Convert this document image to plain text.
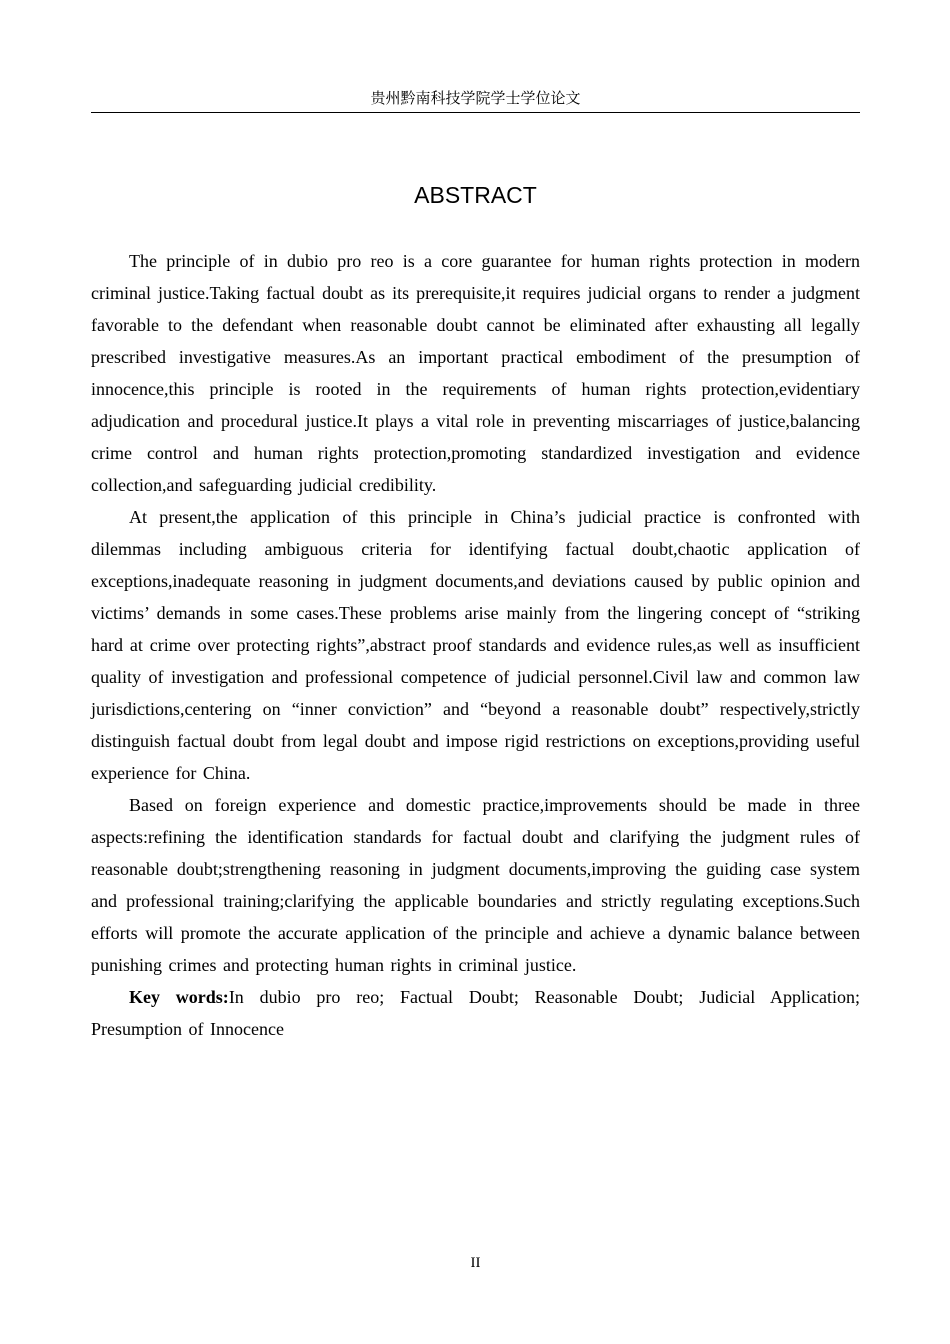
贵州黔南科技学院学士学位论文
ABSTRACT

The principle of in dubio pro reo is a core guarantee for human rights protection in modern criminal justice.Taking factual doubt as its prerequisite,it requires judicial organs to render a judgment favorable to the defendant when reasonable doubt cannot be eliminated after exhausting all legally prescribed investigative measures.As an important practical embodiment of the presumption of innocence,this principle is rooted in the requirements of human rights protection,evidentiary adjudication and procedural justice.It plays a vital role in preventing miscarriages of justice,balancing crime control and human rights protection,promoting standardized investigation and evidence collection,and safeguarding judicial credibility.

At present,the application of this principle in China’s judicial practice is confronted with dilemmas including ambiguous criteria for identifying factual doubt,chaotic application of exceptions,inadequate reasoning in judgment documents,and deviations caused by public opinion and victims’ demands in some cases.These problems arise mainly from the lingering concept of “striking hard at crime over protecting rights”,abstract proof standards and evidence rules,as well as insufficient quality of investigation and professional competence of judicial personnel.Civil law and common law jurisdictions,centering on “inner conviction” and “beyond a reasonable doubt” respectively,strictly distinguish factual doubt from legal doubt and impose rigid restrictions on exceptions,providing useful experience for China.

Based on foreign experience and domestic practice,improvements should be made in three aspects:refining the identification standards for factual doubt and clarifying the judgment rules of reasonable doubt;strengthening reasoning in judgment documents,improving the guiding case system and professional training;clarifying the applicable boundaries and strictly regulating exceptions.Such efforts will promote the accurate application of the principle and achieve a dynamic balance between punishing crimes and protecting human rights in criminal justice.

Key words:In dubio pro reo; Factual Doubt; Reasonable Doubt; Judicial Application; Presumption of Innocence

II
